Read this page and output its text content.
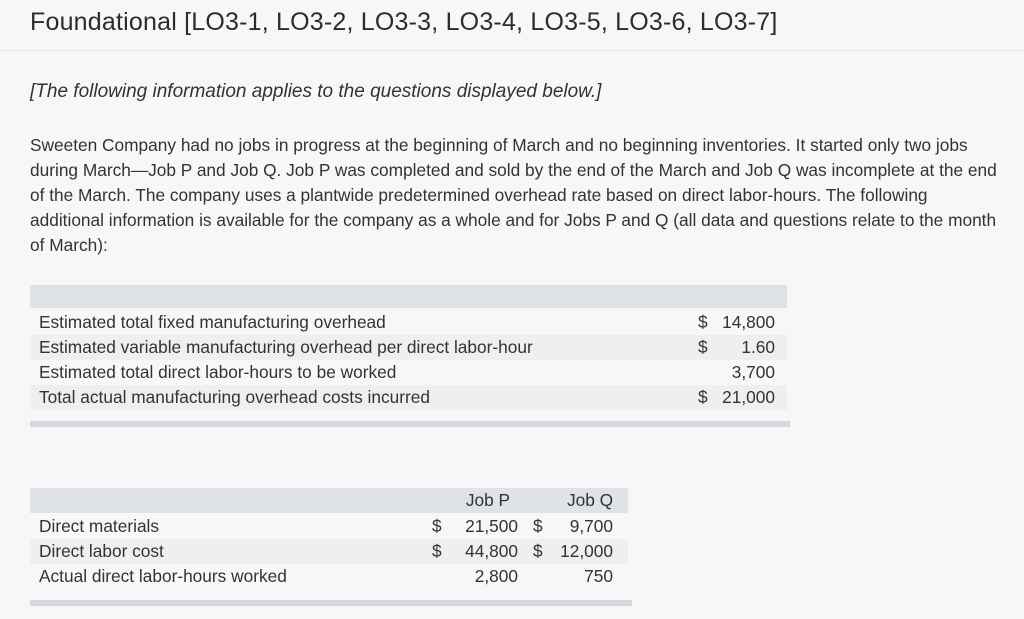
Foundational [LO3-1, LO3-2, LO3-3, LO3-4, LO3-5, LO3-6, LO3-7]
[The following information applies to the questions displayed below.]
Sweeten Company had no jobs in progress at the beginning of March and no beginning inventories. It started only two jobs during March—Job P and Job Q. Job P was completed and sold by the end of the March and Job Q was incomplete at the end of the March. The company uses a plantwide predetermined overhead rate based on direct labor-hours. The following additional information is available for the company as a whole and for Jobs P and Q (all data and questions relate to the month of March):
Estimated total fixed manufacturing overhead	$ 14,800
Estimated variable manufacturing overhead per direct labor-hour	$ 1.60
Estimated total direct labor-hours to be worked	3,700
Total actual manufacturing overhead costs incurred	$ 21,000
Job P	Job Q
Direct materials	$	21,500 $	9,700
Direct labor cost	$	44,800 $	12,000
Actual direct labor-hours worked	2,800	750
